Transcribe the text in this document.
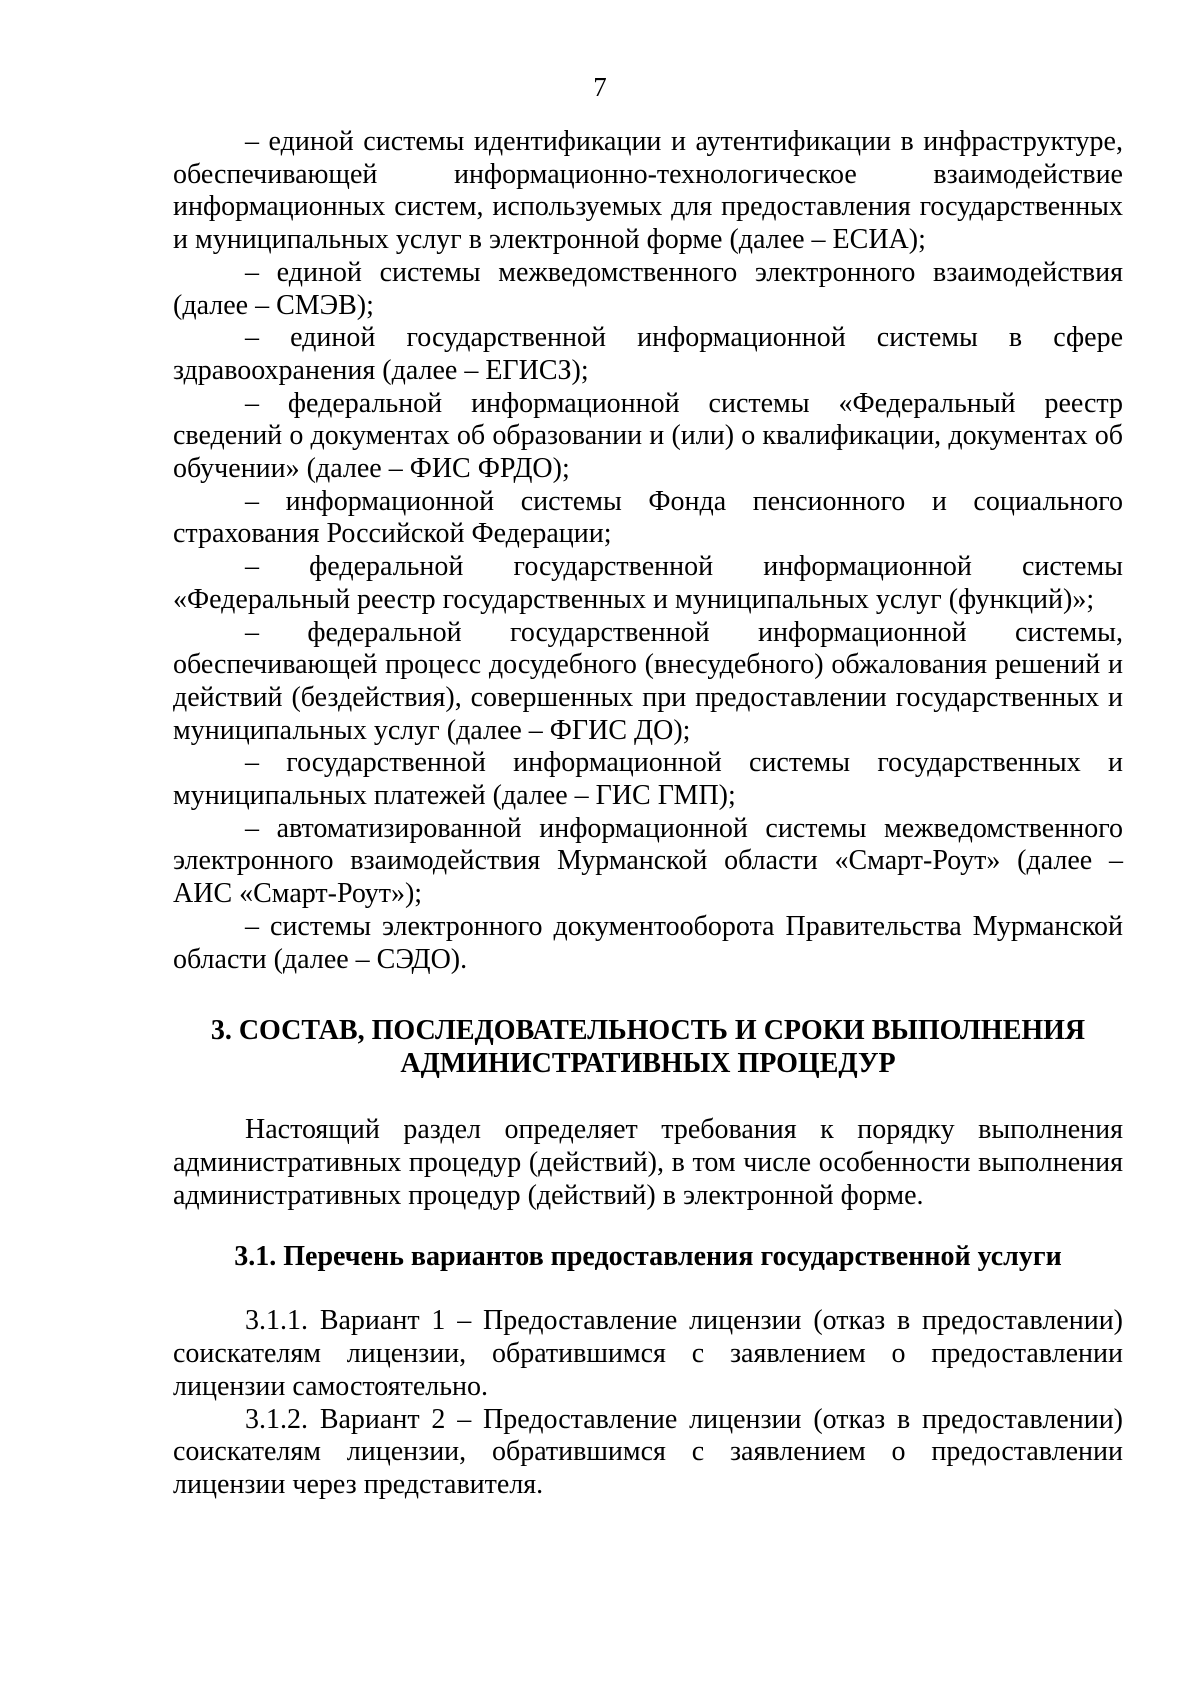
7

– единой системы идентификации и аутентификации в инфраструктуре, обеспечивающей информационно-технологическое взаимодействие информационных систем, используемых для предоставления государственных и муниципальных услуг в электронной форме (далее – ЕСИА);

– единой системы межведомственного электронного взаимодействия (далее – СМЭВ);

– единой государственной информационной системы в сфере здравоохранения (далее – ЕГИСЗ);

– федеральной информационной системы «Федеральный реестр сведений о документах об образовании и (или) о квалификации, документах об обучении» (далее – ФИС ФРДО);

– информационной системы Фонда пенсионного и социального страхования Российской Федерации;

– федеральной государственной информационной системы «Федеральный реестр государственных и муниципальных услуг (функций)»;

– федеральной государственной информационной системы, обеспечивающей процесс досудебного (внесудебного) обжалования решений и действий (бездействия), совершенных при предоставлении государственных и муниципальных услуг (далее – ФГИС ДО);

– государственной информационной системы государственных и муниципальных платежей (далее – ГИС ГМП);

– автоматизированной информационной системы межведомственного электронного взаимодействия Мурманской области «Смарт-Роут» (далее – АИС «Смарт-Роут»);

– системы электронного документооборота Правительства Мурманской области (далее – СЭДО).

3. СОСТАВ, ПОСЛЕДОВАТЕЛЬНОСТЬ И СРОКИ ВЫПОЛНЕНИЯ
АДМИНИСТРАТИВНЫХ ПРОЦЕДУР

Настоящий раздел определяет требования к порядку выполнения административных процедур (действий), в том числе особенности выполнения административных процедур (действий) в электронной форме.

3.1. Перечень вариантов предоставления государственной услуги

3.1.1. Вариант 1 – Предоставление лицензии (отказ в предоставлении) соискателям лицензии, обратившимся с заявлением о предоставлении лицензии самостоятельно.

3.1.2. Вариант 2 – Предоставление лицензии (отказ в предоставлении) соискателям лицензии, обратившимся с заявлением о предоставлении лицензии через представителя.
